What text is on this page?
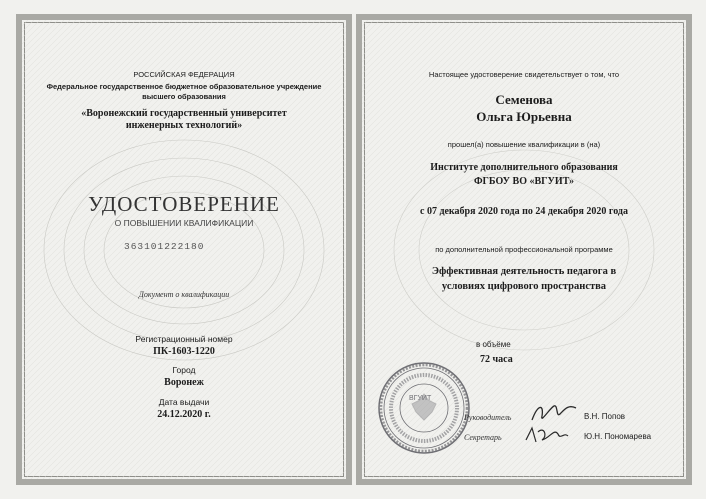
РОССИЙСКАЯ ФЕДЕРАЦИЯ
Федеральное государственное бюджетное образовательное учреждение
высшего образования
«Воронежский государственный университет
инженерных технологий»
УДОСТОВЕРЕНИЕ
О ПОВЫШЕНИИ КВАЛИФИКАЦИИ
363101222180
Документ о квалификации
Регистрационный номер
ПК-1603-1220
Город
Воронеж
Дата выдачи
24.12.2020 г.
Настоящее удостоверение свидетельствует о том, что
Семенова
Ольга Юрьевна
прошел(а) повышение квалификации в (на)
Институте дополнительного образования
ФГБОУ ВО «ВГУИТ»
с 07 декабря 2020 года по 24 декабря 2020 года
по дополнительной профессиональной программе
Эффективная деятельность педагога в
условиях цифрового пространства
в объёме
72 часа
ВГУИТ
Руководитель
Секретарь
В.Н. Попов
Ю.Н. Пономарева
